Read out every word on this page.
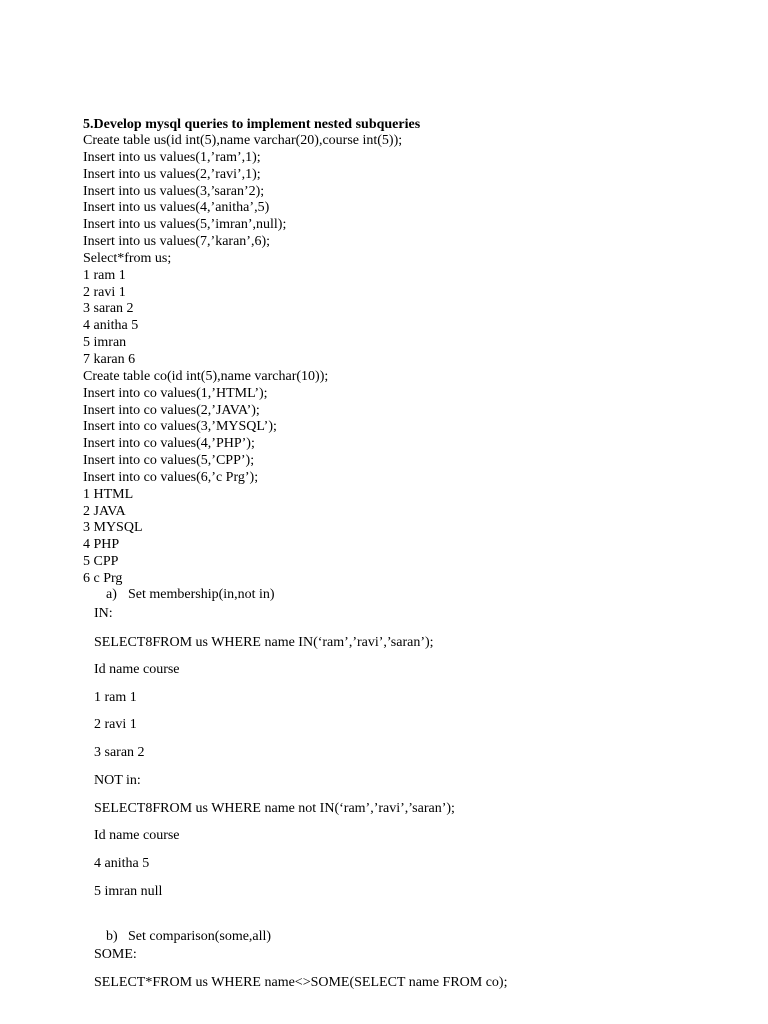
5.Develop mysql queries to implement nested subqueries
Create table us(id int(5),name varchar(20),course int(5));
Insert into us values(1,’ram’,1);
Insert into us values(2,’ravi’,1);
Insert into us values(3,’saran’2);
Insert into us values(4,’anitha’,5)
Insert into us values(5,’imran’,null);
Insert into us values(7,’karan’,6);
Select*from us;
1 ram 1
2 ravi 1
3 saran 2
4 anitha 5
5 imran
7 karan 6
Create table co(id int(5),name varchar(10));
Insert into co values(1,’HTML’);
Insert into co values(2,’JAVA’);
Insert into co values(3,’MYSQL’);
Insert into co values(4,’PHP’);
Insert into co values(5,’CPP’);
Insert into co values(6,’c Prg’);
1 HTML
2 JAVA
3 MYSQL
4 PHP
5 CPP
6 c Prg
a) Set membership(in,not in)
IN:
SELECT8FROM us WHERE name IN(‘ram’,’ravi’,’saran’);
Id name course
1 ram 1
2 ravi 1
3 saran 2
NOT in:
SELECT8FROM us WHERE name not IN(‘ram’,’ravi’,’saran’);
Id name course
4 anitha 5
5 imran null
b) Set comparison(some,all)
SOME:
SELECT*FROM us WHERE name<>SOME(SELECT name FROM co);
